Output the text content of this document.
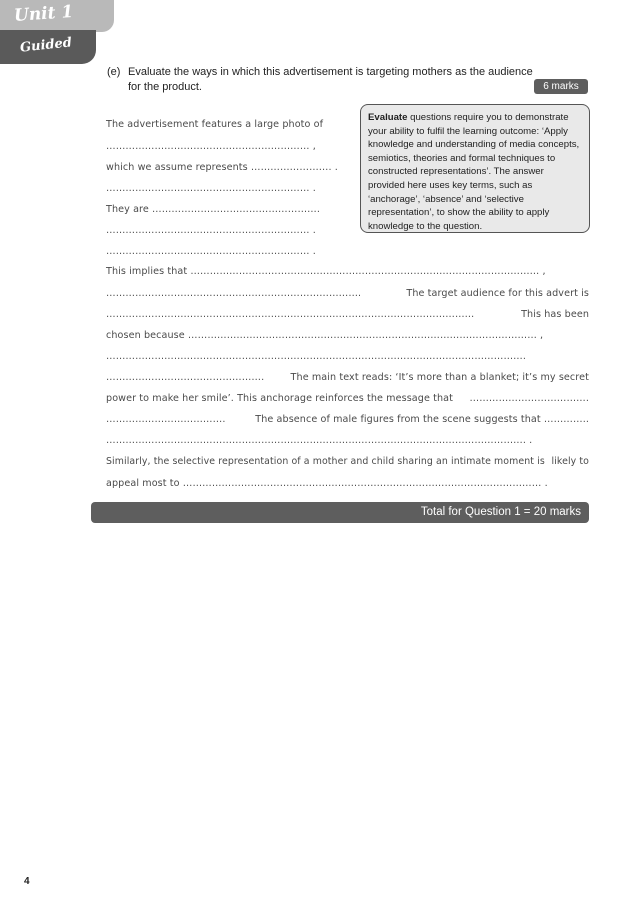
Unit 1
Guided
(e) Evaluate the ways in which this advertisement is targeting mothers as the audience for the product.	6 marks
Evaluate questions require you to demonstrate your ability to fulfil the learning outcome: ‘Apply knowledge and understanding of media concepts, semiotics, theories and formal techniques to constructed representations’. The answer provided here uses key terms, such as ‘anchorage’, ‘absence’ and ‘selective representation’, to show the ability to apply knowledge to the question.
The advertisement features a large photo of
……………………………………………………… ,
which we assume represents ……………………. .
……………………………………………………… .
They are …………………………………………….
……………………………………………………… .
……………………………………………………… .
This implies that ……………………………………………………………………………………………… ,
…………………………………………………………………….	The target audience for this advert is
……………………………………………………………………………………………………	This has been
chosen because ……………………………………………………………………………………………… ,
………………………………………………………………………………………………………………….
………………………………………….	The main text reads: ‘It’s more than a blanket; it’s my secret
power to make her smile’. This anchorage reinforces the message that ……………………………….
……………………………….	The absence of male figures from the scene suggests that …………..
…………………………………………………………………………………………………………………. .
Similarly, the selective representation of a mother and child sharing an intimate moment is likely to
appeal most to ………………………………………………………………………………………………… .
Total for Question 1 = 20 marks
4
